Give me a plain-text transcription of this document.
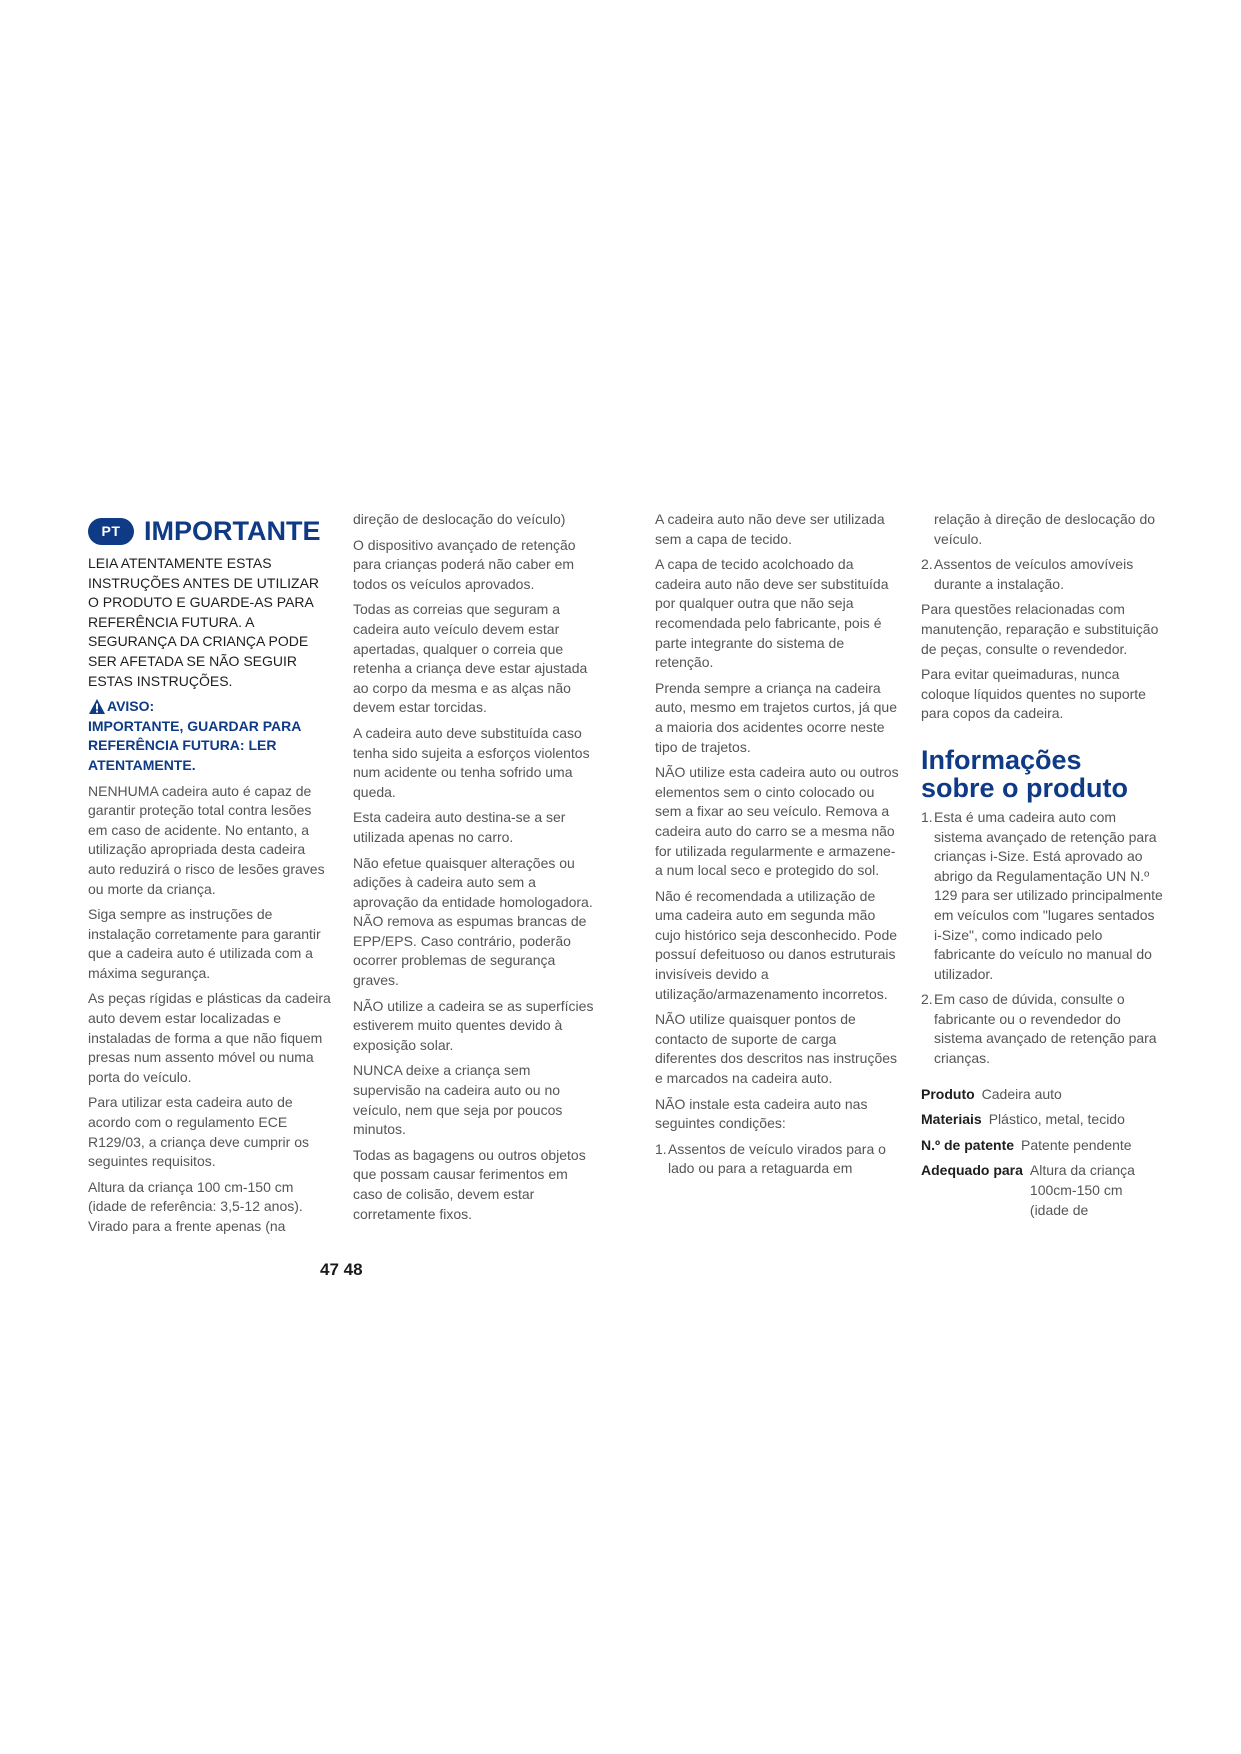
PT IMPORTANTE

LEIA ATENTAMENTE ESTAS INSTRUÇÕES ANTES DE UTILIZAR O PRODUTO E GUARDE-AS PARA REFERÊNCIA FUTURA. A SEGURANÇA DA CRIANÇA PODE SER AFETADA SE NÃO SEGUIR ESTAS INSTRUÇÕES.

AVISO:

IMPORTANTE, GUARDAR PARA REFERÊNCIA FUTURA: LER ATENTAMENTE.

NENHUMA cadeira auto é capaz de garantir proteção total contra lesões em caso de acidente. No entanto, a utilização apropriada desta cadeira auto reduzirá o risco de lesões graves ou morte da criança.

Siga sempre as instruções de instalação corretamente para garantir que a cadeira auto é utilizada com a máxima segurança.

As peças rígidas e plásticas da cadeira auto devem estar localizadas e instaladas de forma a que não fiquem presas num assento móvel ou numa porta do veículo.

Para utilizar esta cadeira auto de acordo com o regulamento ECE R129/03, a criança deve cumprir os seguintes requisitos.

Altura da criança 100 cm-150 cm (idade de referência: 3,5-12 anos). Virado para a frente apenas (na

direção de deslocação do veículo)

O dispositivo avançado de retenção para crianças poderá não caber em todos os veículos aprovados.

Todas as correias que seguram a cadeira auto veículo devem estar apertadas, qualquer o correia que retenha a criança deve estar ajustada ao corpo da mesma e as alças não devem estar torcidas.

A cadeira auto deve substituída caso tenha sido sujeita a esforços violentos num acidente ou tenha sofrido uma queda.

Esta cadeira auto destina-se a ser utilizada apenas no carro.

Não efetue quaisquer alterações ou adições à cadeira auto sem a aprovação da entidade homologadora. NÃO remova as espumas brancas de EPP/EPS. Caso contrário, poderão ocorrer problemas de segurança graves.

NÃO utilize a cadeira se as superfícies estiverem muito quentes devido à exposição solar.

NUNCA deixe a criança sem supervisão na cadeira auto ou no veículo, nem que seja por poucos minutos.

Todas as bagagens ou outros objetos que possam causar ferimentos em caso de colisão, devem estar corretamente fixos.

A cadeira auto não deve ser utilizada sem a capa de tecido.

A capa de tecido acolchoado da cadeira auto não deve ser substituída por qualquer outra que não seja recomendada pelo fabricante, pois é parte integrante do sistema de retenção.

Prenda sempre a criança na cadeira auto, mesmo em trajetos curtos, já que a maioria dos acidentes ocorre neste tipo de trajetos.

NÃO utilize esta cadeira auto ou outros elementos sem o cinto colocado ou sem a fixar ao seu veículo. Remova a cadeira auto do carro se a mesma não for utilizada regularmente e armazene-a num local seco e protegido do sol.

Não é recomendada a utilização de uma cadeira auto em segunda mão cujo histórico seja desconhecido. Pode possuí defeituoso ou danos estruturais invisíveis devido a utilização/armazenamento incorretos.

NÃO utilize quaisquer pontos de contacto de suporte de carga diferentes dos descritos nas instruções e marcados na cadeira auto.

NÃO instale esta cadeira auto nas seguintes condições:

1. Assentos de veículo virados para o lado ou para a retaguarda em
relação à direção de deslocação do veículo.
2. Assentos de veículos amovíveis durante a instalação.

Para questões relacionadas com manutenção, reparação e substituição de peças, consulte o revendedor.

Para evitar queimaduras, nunca coloque líquidos quentes no suporte para copos da cadeira.

Informações
sobre o produto
1. Esta é uma cadeira auto com sistema avançado de retenção para crianças i-Size. Está aprovado ao abrigo da Regulamentação UN N.º 129 para ser utilizado principalmente em veículos com "lugares sentados i-Size", como indicado pelo fabricante do veículo no manual do utilizador.
2. Em caso de dúvida, consulte o fabricante ou o revendedor do sistema avançado de retenção para crianças.
Produto Cadeira auto
Materiais Plástico, metal, tecido
N.º de patente Patente pendente
Adequado para Altura da criança 100cm-150 cm (idade de
47 48
